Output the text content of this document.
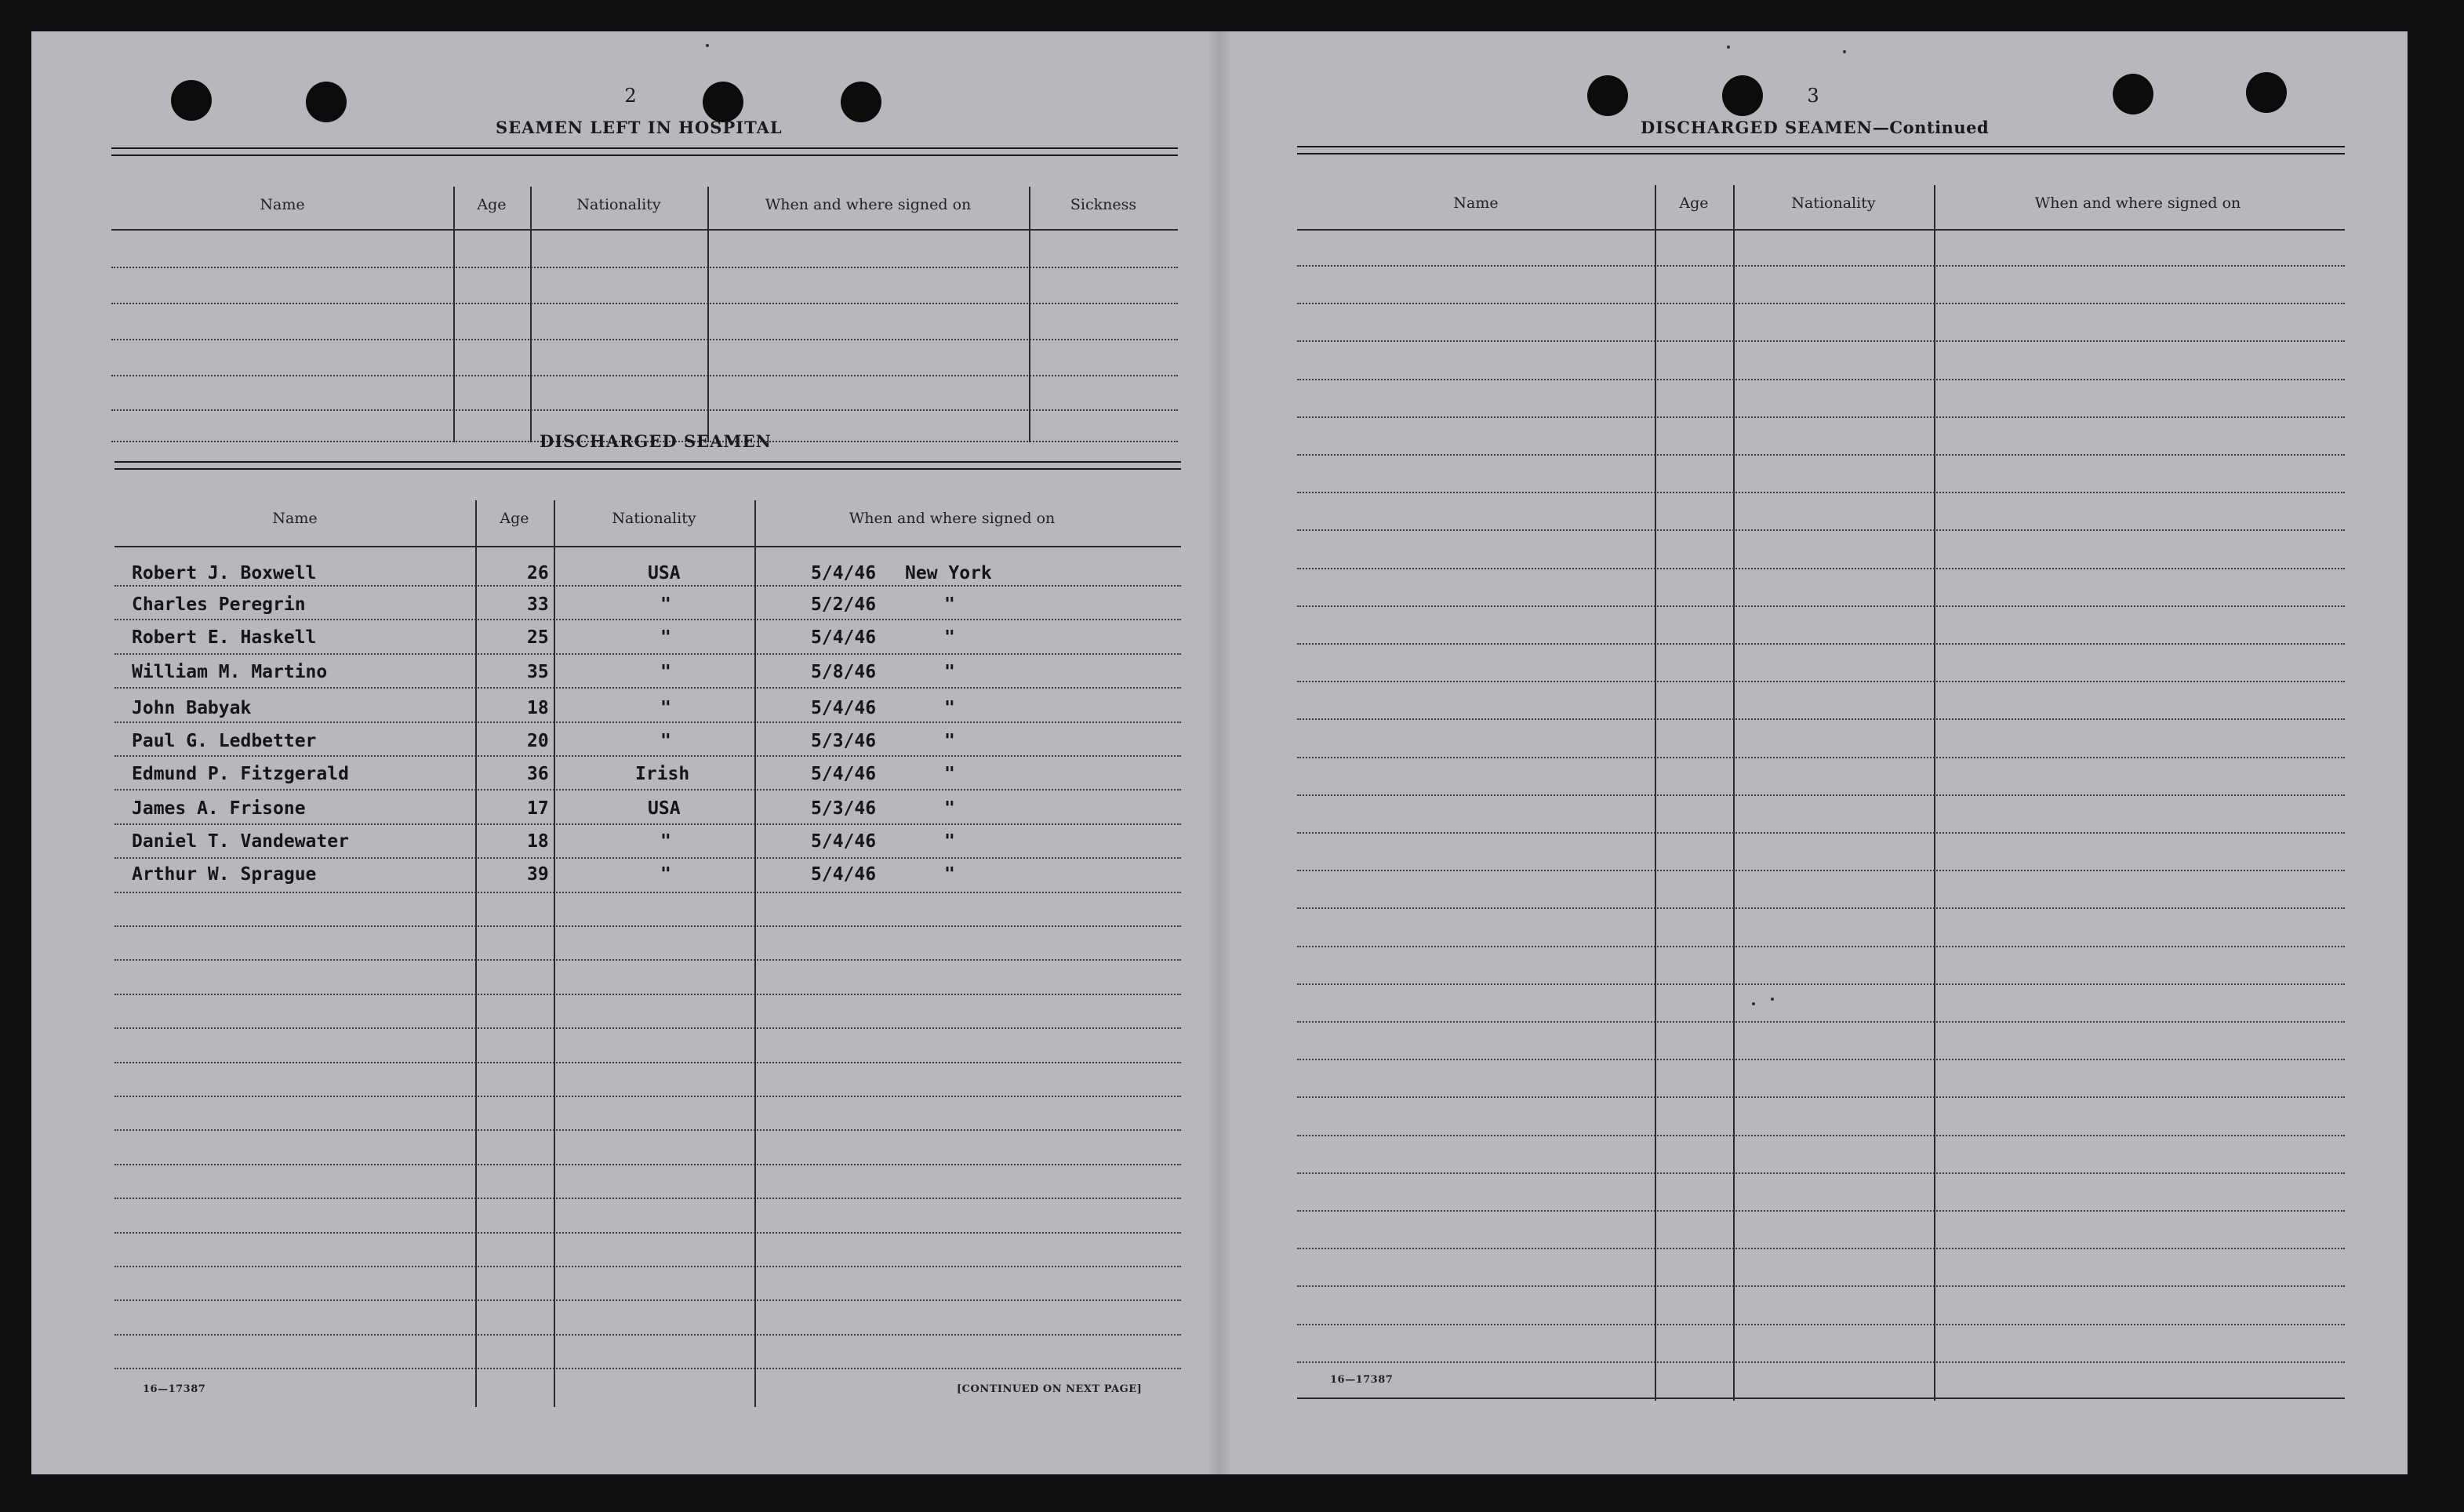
2
SEAMEN LEFT IN HOSPITAL
Name	Age	Nationality	When and where signed on	Sickness
DISCHARGED SEAMEN
Name	Age	Nationality	When and where signed on
Robert J. Boxwell	26	USA	5/4/46 New York
Charles Peregrin	33	"	5/2/46	"
Robert E. Haskell	25	"	5/4/46	"
William M. Martino	35	"	5/8/46	"
John Babyak	18	"	5/4/46	"
Paul G. Ledbetter	20	"	5/3/46	"
Edmund P. Fitzgerald	36	Irish	5/4/46	"
James A. Frisone	17	USA	5/3/46	"
Daniel T. Vandewater	18	"	5/4/46	"
Arthur W. Sprague	39	"	5/4/46	"
16—17387	[CONTINUED ON NEXT PAGE]
3
DISCHARGED SEAMEN—Continued
Name	Age	Nationality	When and where signed on
16—17387
